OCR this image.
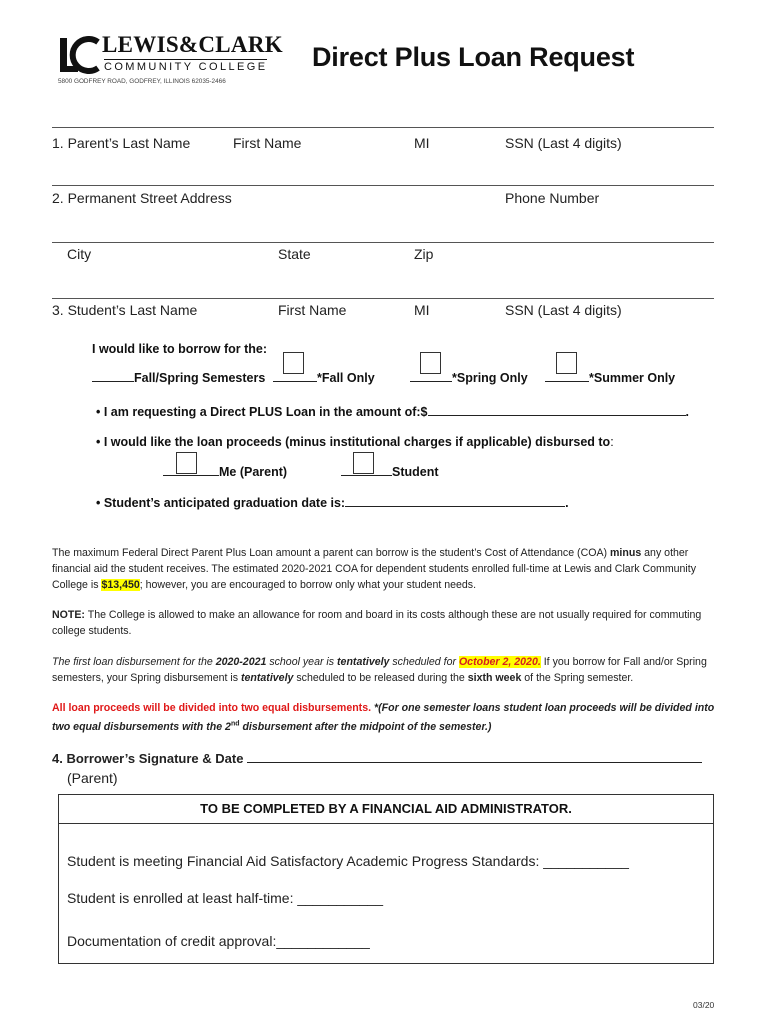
LEWIS&CLARK
COMMUNITY COLLEGE
5800 GODFREY ROAD, GODFREY, ILLINOIS 62035-2466
Direct Plus Loan Request
1. Parent’s Last Name	First Name	MI	SSN (Last 4 digits)
2. Permanent Street Address	Phone Number
City	State	Zip
3. Student’s Last Name	First Name	MI	SSN (Last 4 digits)
I would like to borrow for the:
Fall/Spring Semesters	*Fall Only	*Spring Only	*Summer Only
• I am requesting a Direct PLUS Loan in the amount of:$	.
• I would like the loan proceeds (minus institutional charges if applicable) disbursed to:
Me (Parent)	Student
• Student’s anticipated graduation date is:	.
The maximum Federal Direct Parent Plus Loan amount a parent can borrow is the student’s Cost of Attendance (COA) minus any other financial aid the student receives. The estimated 2020-2021 COA for dependent students enrolled full-time at Lewis and Clark Community College is $13,450; however, you are encouraged to borrow only what your student needs.
NOTE: The College is allowed to make an allowance for room and board in its costs although these are not usually required for commuting college students.
The first loan disbursement for the 2020-2021 school year is tentatively scheduled for October 2, 2020. If you borrow for Fall and/or Spring semesters, your Spring disbursement is tentatively scheduled to be released during the sixth week of the Spring semester.
All loan proceeds will be divided into two equal disbursements. *(For one semester loans student loan proceeds will be divided into two equal disbursements with the 2nd disbursement after the midpoint of the semester.)
4. Borrower’s Signature & Date
(Parent)
TO BE COMPLETED BY A FINANCIAL AID ADMINISTRATOR.
Student is meeting Financial Aid Satisfactory Academic Progress Standards: ___________
Student is enrolled at least half-time: ___________
Documentation of credit approval:____________
03/20
